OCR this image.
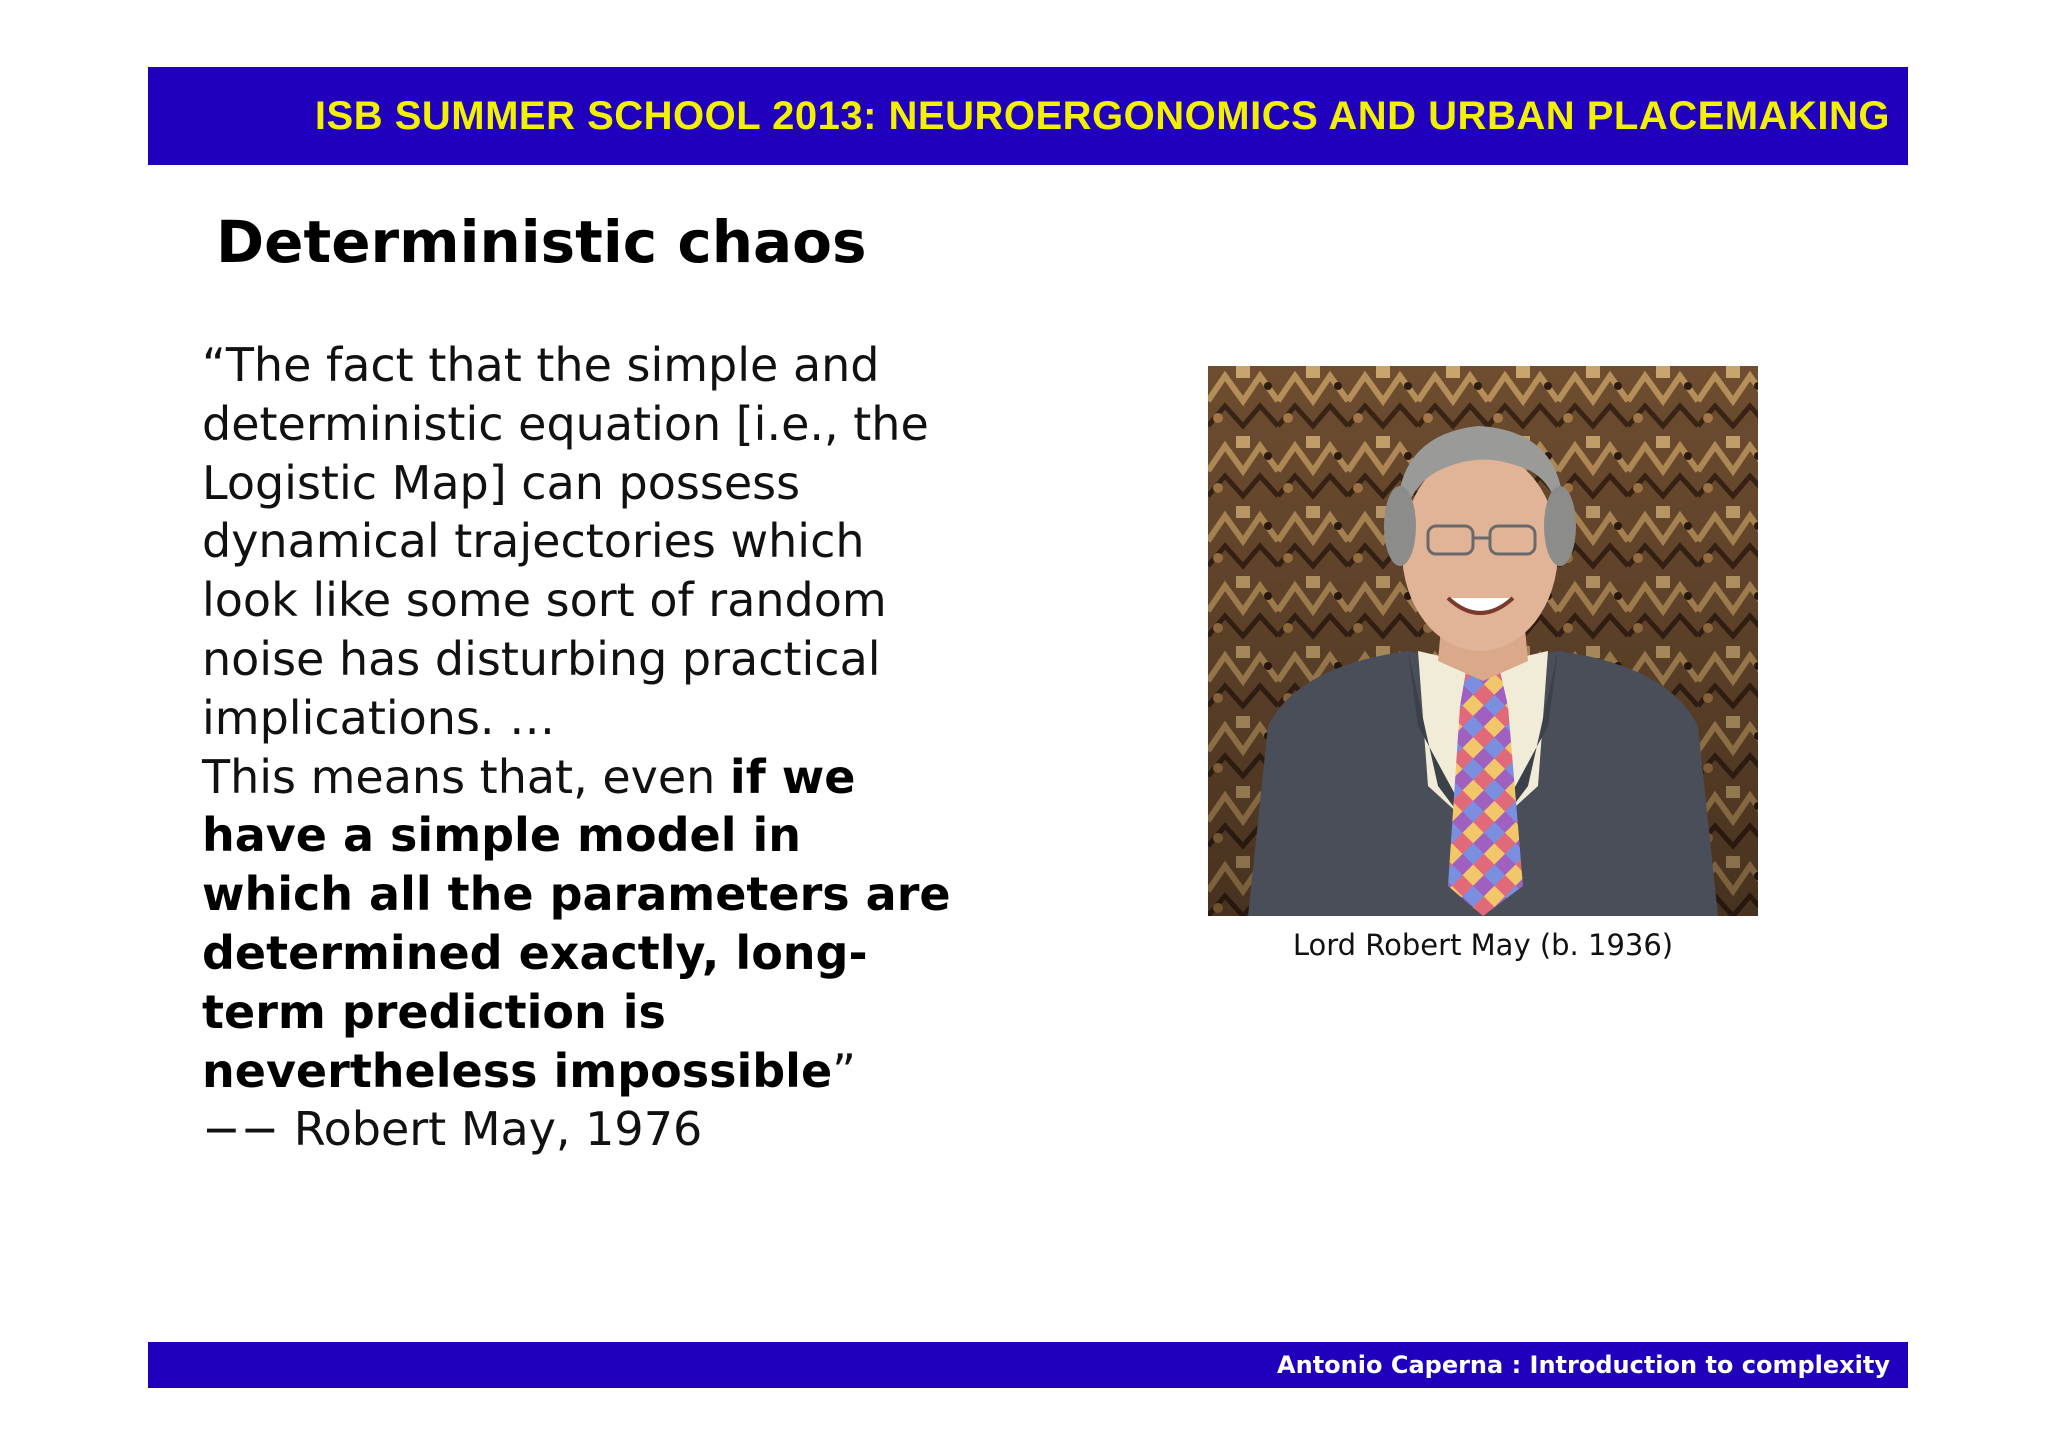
ISB SUMMER SCHOOL 2013: NEUROERGONOMICS AND URBAN PLACEMAKING
Deterministic chaos
“The fact that the simple and
deterministic equation [i.e., the
Logistic Map] can possess
dynamical trajectories which
look like some sort of random
noise has disturbing practical
implications. …
This means that, even if we
have a simple model in
which all the parameters are
determined exactly, long-
term prediction is
nevertheless impossible”
−− Robert May, 1976
Lord Robert May (b. 1936)
Antonio Caperna : Introduction to complexity
